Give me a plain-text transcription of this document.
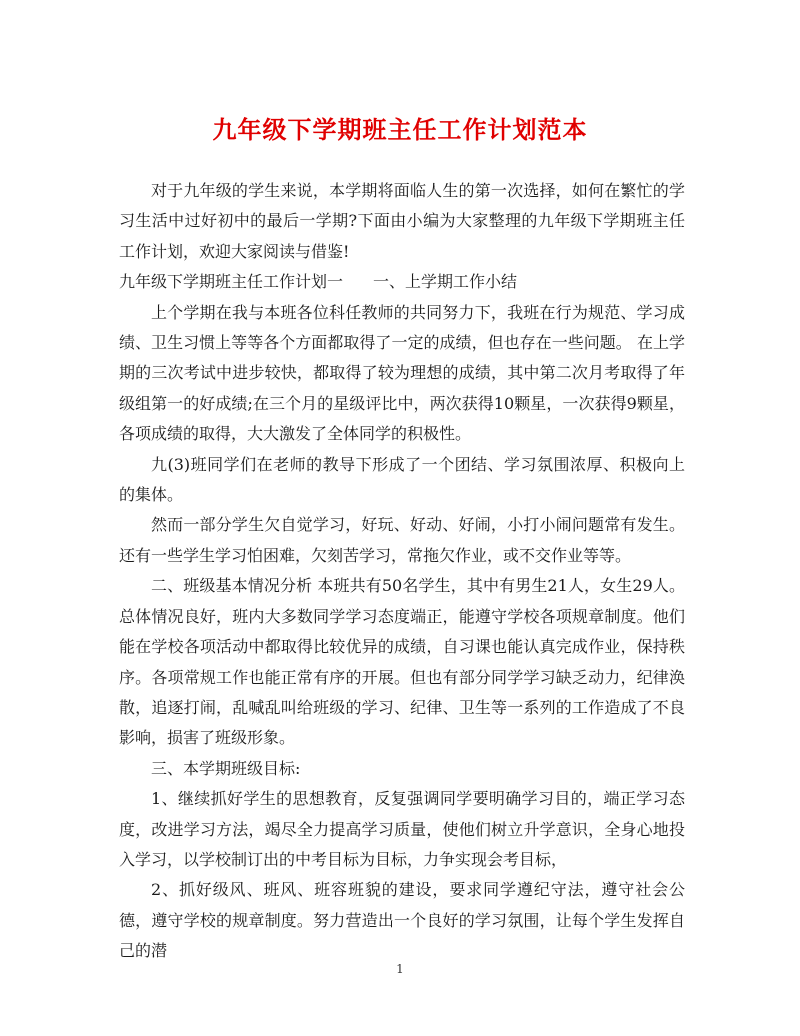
九年级下学期班主任工作计划范本

对于九年级的学生来说，本学期将面临人生的第一次选择，如何在繁忙的学习生活中过好初中的最后一学期?下面由小编为大家整理的九年级下学期班主任工作计划，欢迎大家阅读与借鉴!

九年级下学期班主任工作计划一 一、上学期工作小结

上个学期在我与本班各位科任教师的共同努力下，我班在行为规范、学习成绩、卫生习惯上等等各个方面都取得了一定的成绩，但也存在一些问题。 在上学期的三次考试中进步较快，都取得了较为理想的成绩，其中第二次月考取得了年级组第一的好成绩;在三个月的星级评比中，两次获得10颗星，一次获得9颗星，各项成绩的取得，大大激发了全体同学的积极性。

九(3)班同学们在老师的教导下形成了一个团结、学习氛围浓厚、积极向上的集体。

然而一部分学生欠自觉学习，好玩、好动、好闹，小打小闹问题常有发生。还有一些学生学习怕困难，欠刻苦学习，常拖欠作业，或不交作业等等。

二、班级基本情况分析 本班共有50名学生，其中有男生21人，女生29人。总体情况良好，班内大多数同学学习态度端正，能遵守学校各项规章制度。他们能在学校各项活动中都取得比较优异的成绩，自习课也能认真完成作业，保持秩序。各项常规工作也能正常有序的开展。但也有部分同学学习缺乏动力，纪律涣散，追逐打闹，乱喊乱叫给班级的学习、纪律、卫生等一系列的工作造成了不良影响，损害了班级形象。

三、本学期班级目标:

1、继续抓好学生的思想教育，反复强调同学要明确学习目的，端正学习态度，改进学习方法，竭尽全力提高学习质量，使他们树立升学意识，全身心地投入学习，以学校制订出的中考目标为目标，力争实现会考目标，

2、抓好级风、班风、班容班貌的建设，要求同学遵纪守法，遵守社会公德，遵守学校的规章制度。努力营造出一个良好的学习氛围，让每个学生发挥自己的潜

1
